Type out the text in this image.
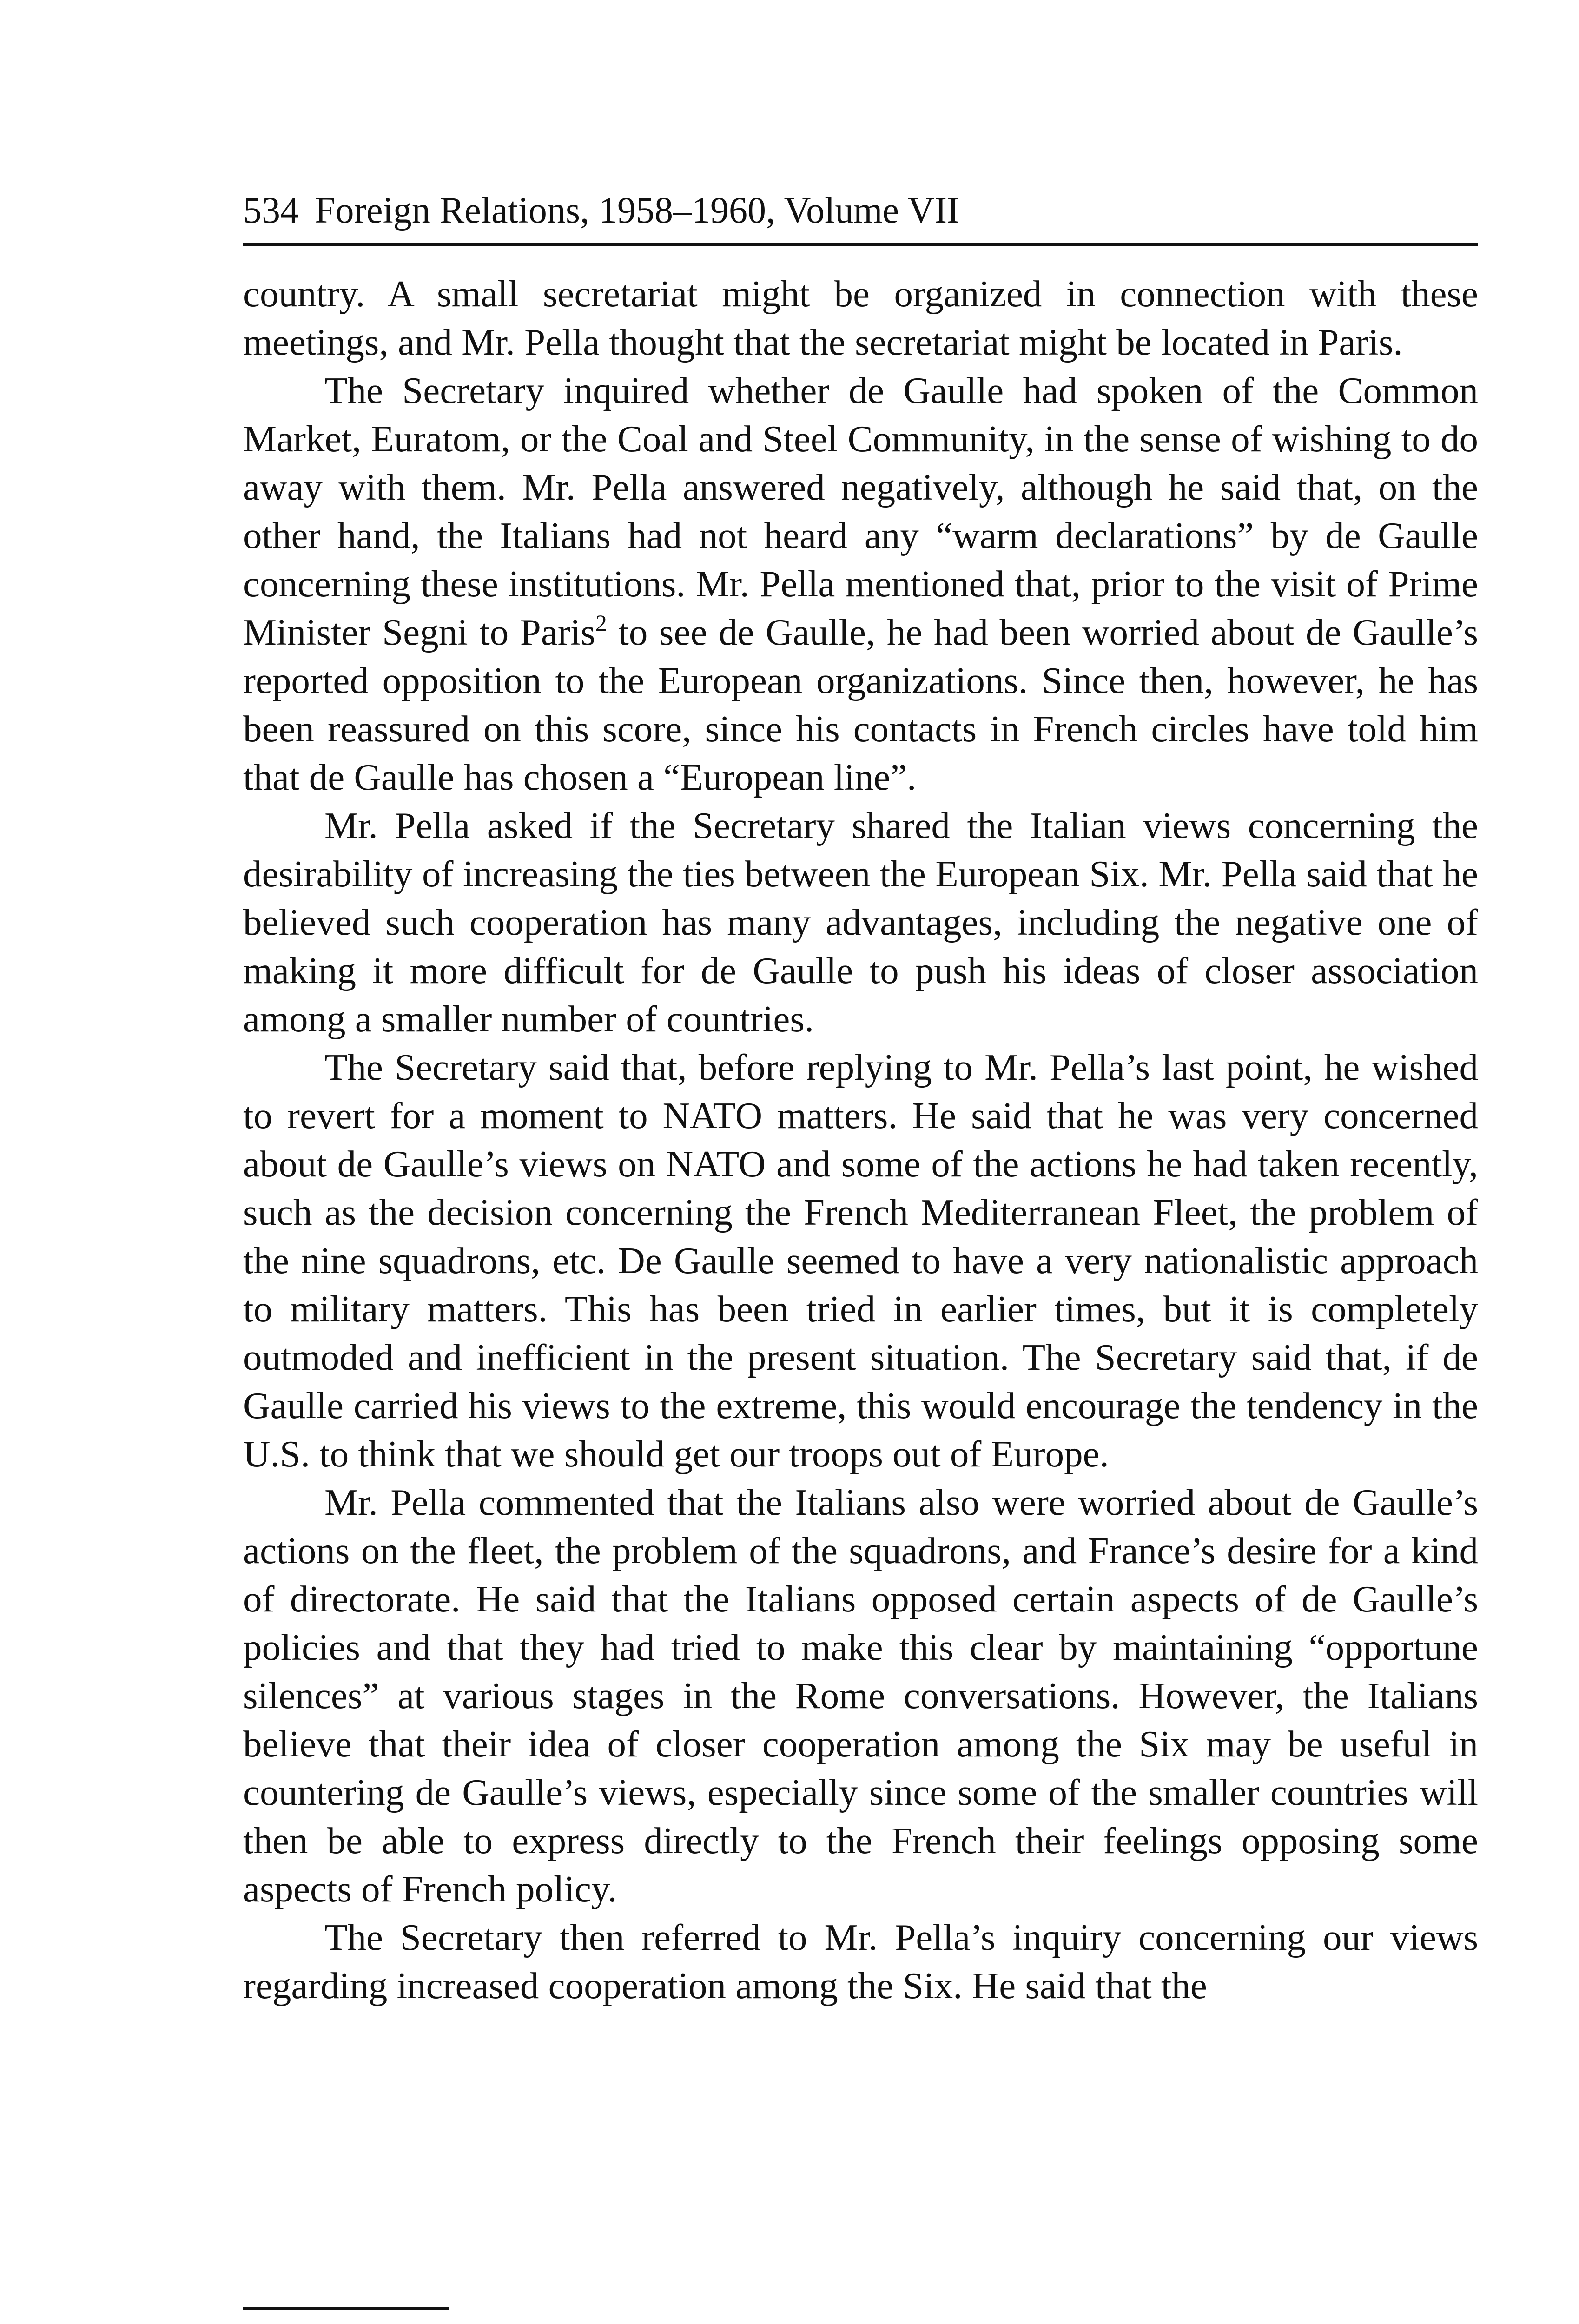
534 Foreign Relations, 1958–1960, Volume VII

country. A small secretariat might be organized in connection with these meetings, and Mr. Pella thought that the secretariat might be located in Paris.

The Secretary inquired whether de Gaulle had spoken of the Common Market, Euratom, or the Coal and Steel Community, in the sense of wishing to do away with them. Mr. Pella answered negatively, although he said that, on the other hand, the Italians had not heard any “warm declarations” by de Gaulle concerning these institutions. Mr. Pella mentioned that, prior to the visit of Prime Minister Segni to Paris$^2$ to see de Gaulle, he had been worried about de Gaulle’s reported opposition to the European organizations. Since then, however, he has been reassured on this score, since his contacts in French circles have told him that de Gaulle has chosen a “European line”.

Mr. Pella asked if the Secretary shared the Italian views concerning the desirability of increasing the ties between the European Six. Mr. Pella said that he believed such cooperation has many advantages, including the negative one of making it more difficult for de Gaulle to push his ideas of closer association among a smaller number of countries.

The Secretary said that, before replying to Mr. Pella’s last point, he wished to revert for a moment to NATO matters. He said that he was very concerned about de Gaulle’s views on NATO and some of the actions he had taken recently, such as the decision concerning the French Mediterranean Fleet, the problem of the nine squadrons, etc. De Gaulle seemed to have a very nationalistic approach to military matters. This has been tried in earlier times, but it is completely outmoded and inefficient in the present situation. The Secretary said that, if de Gaulle carried his views to the extreme, this would encourage the tendency in the U.S. to think that we should get our troops out of Europe.

Mr. Pella commented that the Italians also were worried about de Gaulle’s actions on the fleet, the problem of the squadrons, and France’s desire for a kind of directorate. He said that the Italians opposed certain aspects of de Gaulle’s policies and that they had tried to make this clear by maintaining “opportune silences” at various stages in the Rome conversations. However, the Italians believe that their idea of closer cooperation among the Six may be useful in countering de Gaulle’s views, especially since some of the smaller countries will then be able to express directly to the French their feelings opposing some aspects of French policy.

The Secretary then referred to Mr. Pella’s inquiry concerning our views regarding increased cooperation among the Six. He said that the
